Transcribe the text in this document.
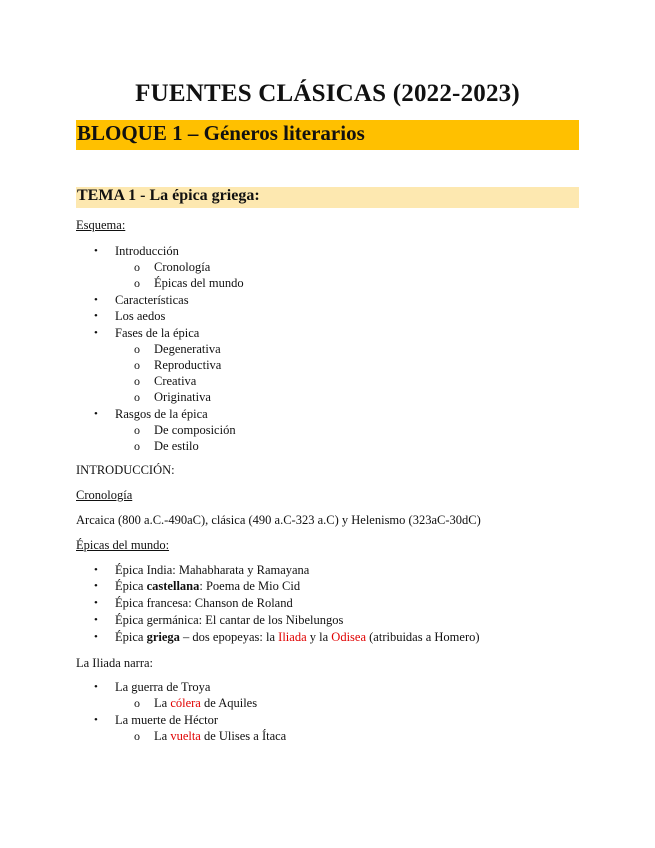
FUENTES CLÁSICAS (2022-2023)
BLOQUE 1 – Géneros literarios
TEMA 1 - La épica griega:
Esquema:
• Introducción
o Cronología
o Épicas del mundo
• Características
• Los aedos
• Fases de la épica
o Degenerativa
o Reproductiva
o Creativa
o Originativa
• Rasgos de la épica
o De composición
o De estilo
INTRODUCCIÓN:
Cronología
Arcaica (800 a.C.-490aC), clásica (490 a.C-323 a.C) y Helenismo (323aC-30dC)
Épicas del mundo:
• Épica India: Mahabharata y Ramayana
• Épica castellana: Poema de Mio Cid
• Épica francesa: Chanson de Roland
• Épica germánica: El cantar de los Nibelungos
• Épica griega – dos epopeyas: la Iliada y la Odisea (atribuidas a Homero)
La Iliada narra:
• La guerra de Troya
o La cólera de Aquiles
• La muerte de Héctor
o La vuelta de Ulises a Ítaca
